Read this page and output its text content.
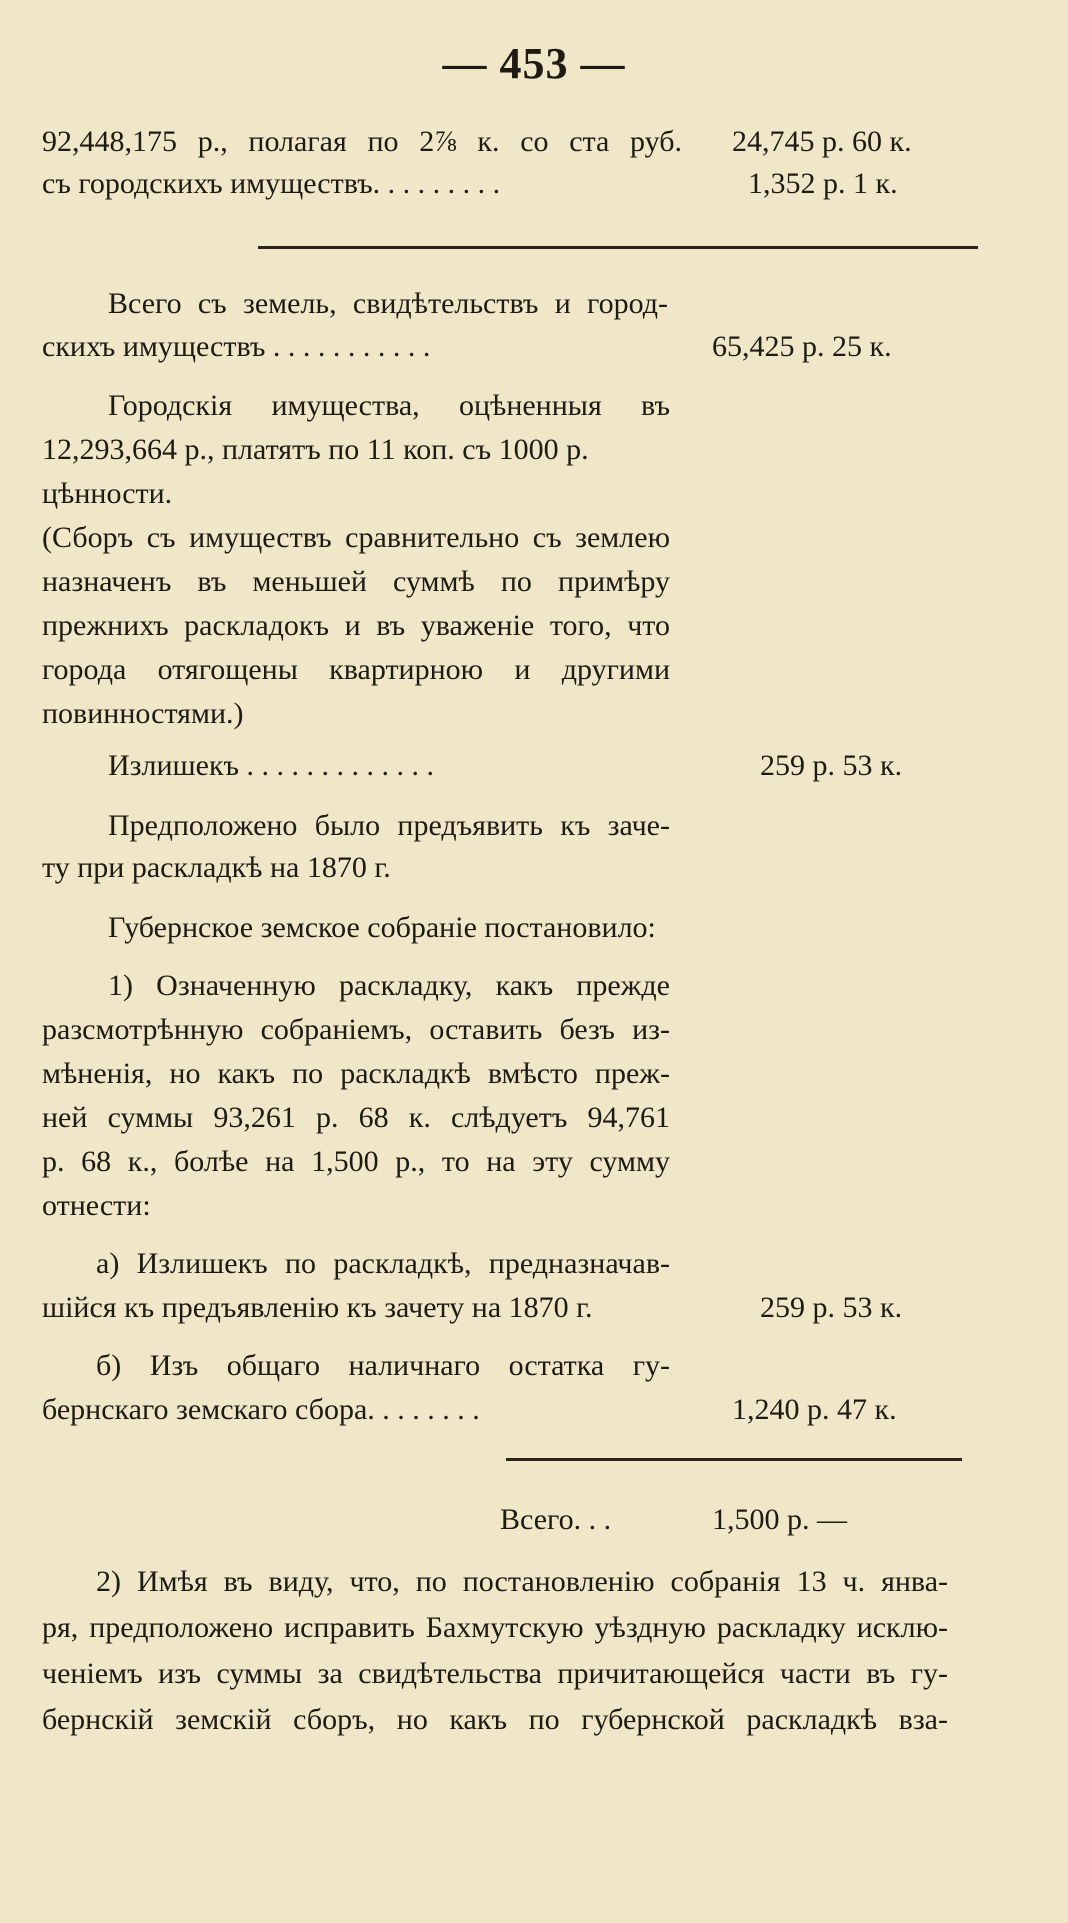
— 453 —
92,448,175 р., полагая по 2⅞ к. со ста руб. 24,745 р. 60 к.
съ городскихъ имуществъ. . . . . . . . .	1,352 р. 1 к.
Всего съ земель, свидѣтельствъ и город-
скихъ имуществъ . . . . . . . . . . .	65,425 р. 25 к.
Городскія имущества, оцѣненныя въ
12,293,664 р., платятъ по 11 коп. съ 1000 р.
цѣнности.
(Сборъ съ имуществъ сравнительно съ землею
назначенъ въ меньшей суммѣ по примѣру
прежнихъ раскладокъ и въ уваженіе того, что
города отягощены квартирною и другими
повинностями.)
Излишекъ . . . . . . . . . . . . .	259 р. 53 к.
Предположено было предъявить къ заче-
ту при раскладкѣ на 1870 г.
Губернское земское собраніе постановило:
1) Означенную раскладку, какъ прежде
разсмотрѣнную собраніемъ, оставить безъ из-
мѣненія, но какъ по раскладкѣ вмѣсто преж-
ней суммы 93,261 р. 68 к. слѣдуетъ 94,761
р. 68 к., болѣе на 1,500 р., то на эту сумму
отнести:
а) Излишекъ по раскладкѣ, предназначав-
шійся къ предъявленію къ зачету на 1870 г.	259 р. 53 к.
б) Изъ общаго наличнаго остатка гу-
бернскаго земскаго сбора. . . . . . . .	1,240 р. 47 к.
Всего. . .	1,500 р. —
2) Имѣя въ виду, что, по постановленію собранія 13 ч. янва-
ря, предположено исправить Бахмутскую уѣздную раскладку исклю-
ченіемъ изъ суммы за свидѣтельства причитающейся части въ гу-
бернскій земскій сборъ, но какъ по губернской раскладкѣ вза-
